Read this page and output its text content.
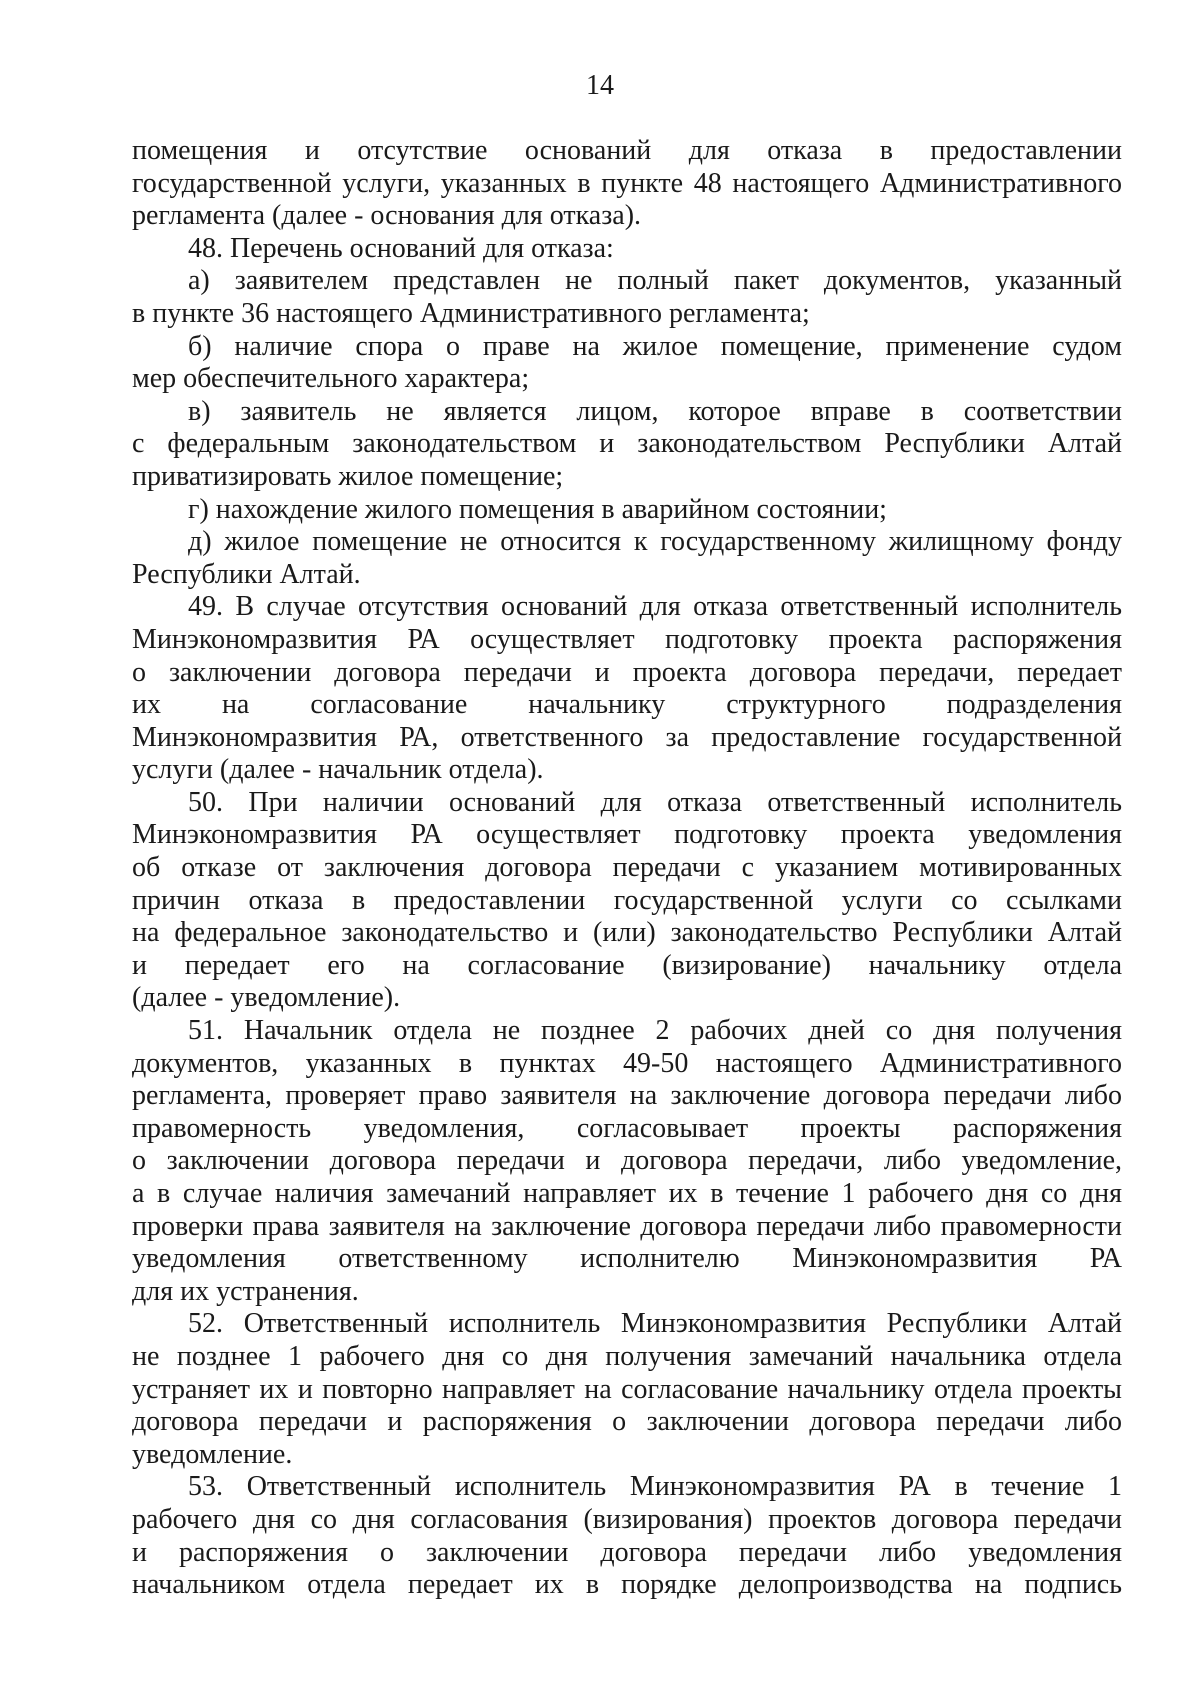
14
помещения и отсутствие оснований для отказа в предоставлении
государственной услуги, указанных в пункте 48 настоящего Административного
регламента (далее - основания для отказа).
48. Перечень оснований для отказа:
а) заявителем представлен не полный пакет документов, указанный
в пункте 36 настоящего Административного регламента;
б) наличие спора о праве на жилое помещение, применение судом
мер обеспечительного характера;
в) заявитель не является лицом, которое вправе в соответствии
с федеральным законодательством и законодательством Республики Алтай
приватизировать жилое помещение;
г) нахождение жилого помещения в аварийном состоянии;
д) жилое помещение не относится к государственному жилищному фонду
Республики Алтай.
49. В случае отсутствия оснований для отказа ответственный исполнитель
Минэкономразвития РА осуществляет подготовку проекта распоряжения
о заключении договора передачи и проекта договора передачи, передает
их на согласование начальнику структурного подразделения
Минэкономразвития РА, ответственного за предоставление государственной
услуги (далее - начальник отдела).
50. При наличии оснований для отказа ответственный исполнитель
Минэкономразвития РА осуществляет подготовку проекта уведомления
об отказе от заключения договора передачи с указанием мотивированных
причин отказа в предоставлении государственной услуги со ссылками
на федеральное законодательство и (или) законодательство Республики Алтай
и передает его на согласование (визирование) начальнику отдела
(далее - уведомление).
51. Начальник отдела не позднее 2 рабочих дней со дня получения
документов, указанных в пунктах 49-50 настоящего Административного
регламента, проверяет право заявителя на заключение договора передачи либо
правомерность уведомления, согласовывает проекты распоряжения
о заключении договора передачи и договора передачи, либо уведомление,
а в случае наличия замечаний направляет их в течение 1 рабочего дня со дня
проверки права заявителя на заключение договора передачи либо правомерности
уведомления ответственному исполнителю Минэкономразвития РА
для их устранения.
52. Ответственный исполнитель Минэкономразвития Республики Алтай
не позднее 1 рабочего дня со дня получения замечаний начальника отдела
устраняет их и повторно направляет на согласование начальнику отдела проекты
договора передачи и распоряжения о заключении договора передачи либо
уведомление.
53. Ответственный исполнитель Минэкономразвития РА в течение 1
рабочего дня со дня согласования (визирования) проектов договора передачи
и распоряжения о заключении договора передачи либо уведомления
начальником отдела передает их в порядке делопроизводства на подпись
